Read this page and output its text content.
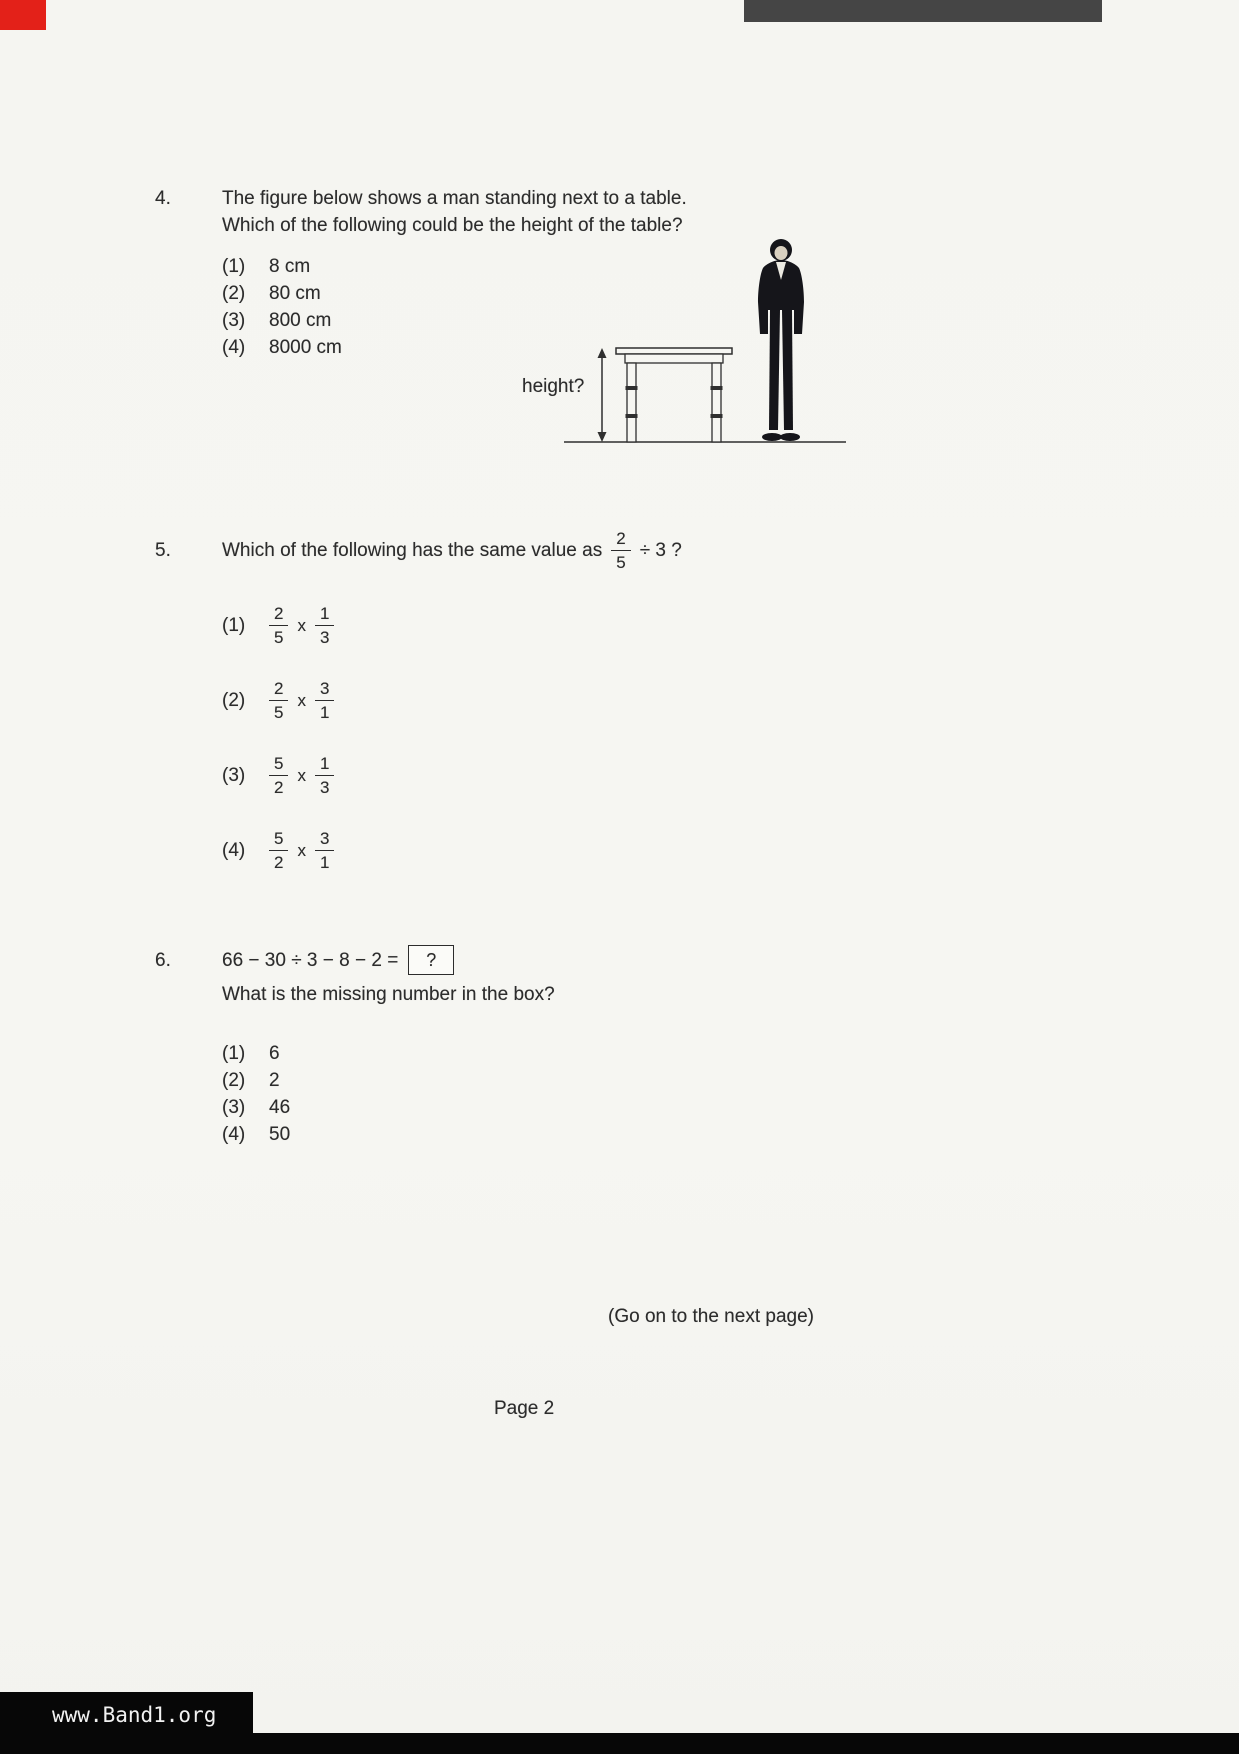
4.	The figure below shows a man standing next to a table.
Which of the following could be the height of the table?
(1)	8 cm
(2)	80 cm
(3)	800 cm
(4)	8000 cm
height?
5.	Which of the following has the same value as $\frac{2}{5} \div 3$ ?
(1)	$\frac{2}{5}$ x $\frac{1}{3}$
(2)	$\frac{2}{5}$ x $\frac{3}{1}$
(3)	$\frac{5}{2}$ x $\frac{1}{3}$
(4)	$\frac{5}{2}$ x $\frac{3}{1}$
6.	66 − 30 ÷ 3 − 8 − 2 =	?
What is the missing number in the box?
(1)	6
(2)	2
(3)	46
(4)	50
(Go on to the next page)
Page 2
www.Band1.org
